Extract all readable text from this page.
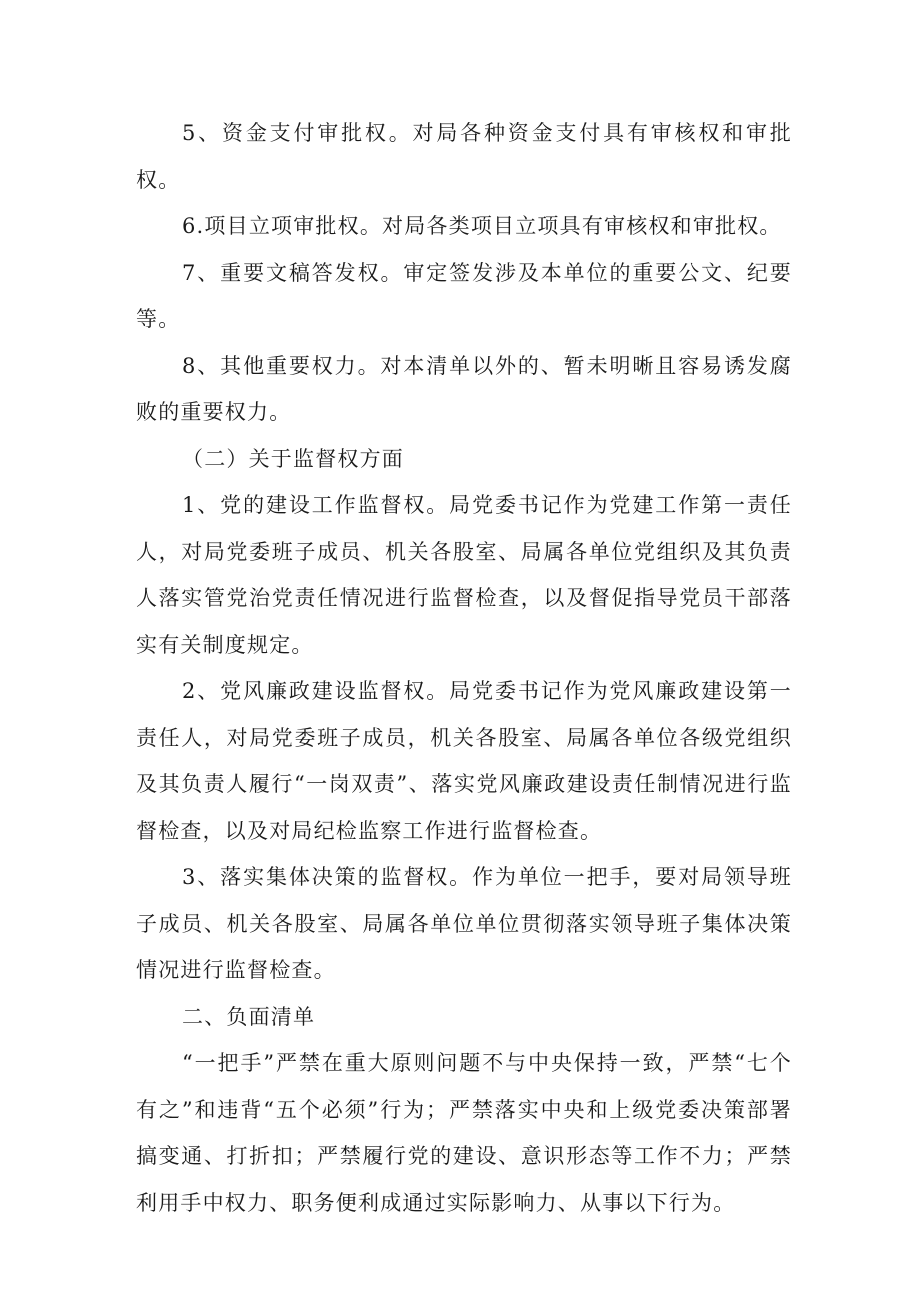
5、资金支付审批权。对局各种资金支付具有审核权和审批权。

6.项目立项审批权。对局各类项目立项具有审核权和审批权。

7、重要文稿答发权。审定签发涉及本单位的重要公文、纪要等。

8、其他重要权力。对本清单以外的、暂未明晰且容易诱发腐败的重要权力。

（二）关于监督权方面

1、党的建设工作监督权。局党委书记作为党建工作第一责任人，对局党委班子成员、机关各股室、局属各单位党组织及其负责人落实管党治党责任情况进行监督检查，以及督促指导党员干部落实有关制度规定。

2、党风廉政建设监督权。局党委书记作为党风廉政建设第一责任人，对局党委班子成员，机关各股室、局属各单位各级党组织及其负责人履行“一岗双责”、落实党风廉政建设责任制情况进行监督检查，以及对局纪检监察工作进行监督检查。

3、落实集体决策的监督权。作为单位一把手，要对局领导班子成员、机关各股室、局属各单位单位贯彻落实领导班子集体决策情况进行监督检查。

二、负面清单

“一把手”严禁在重大原则问题不与中央保持一致，严禁“七个有之”和违背“五个必须”行为；严禁落实中央和上级党委决策部署搞变通、打折扣；严禁履行党的建设、意识形态等工作不力；严禁利用手中权力、职务便利成通过实际影响力、从事以下行为。
